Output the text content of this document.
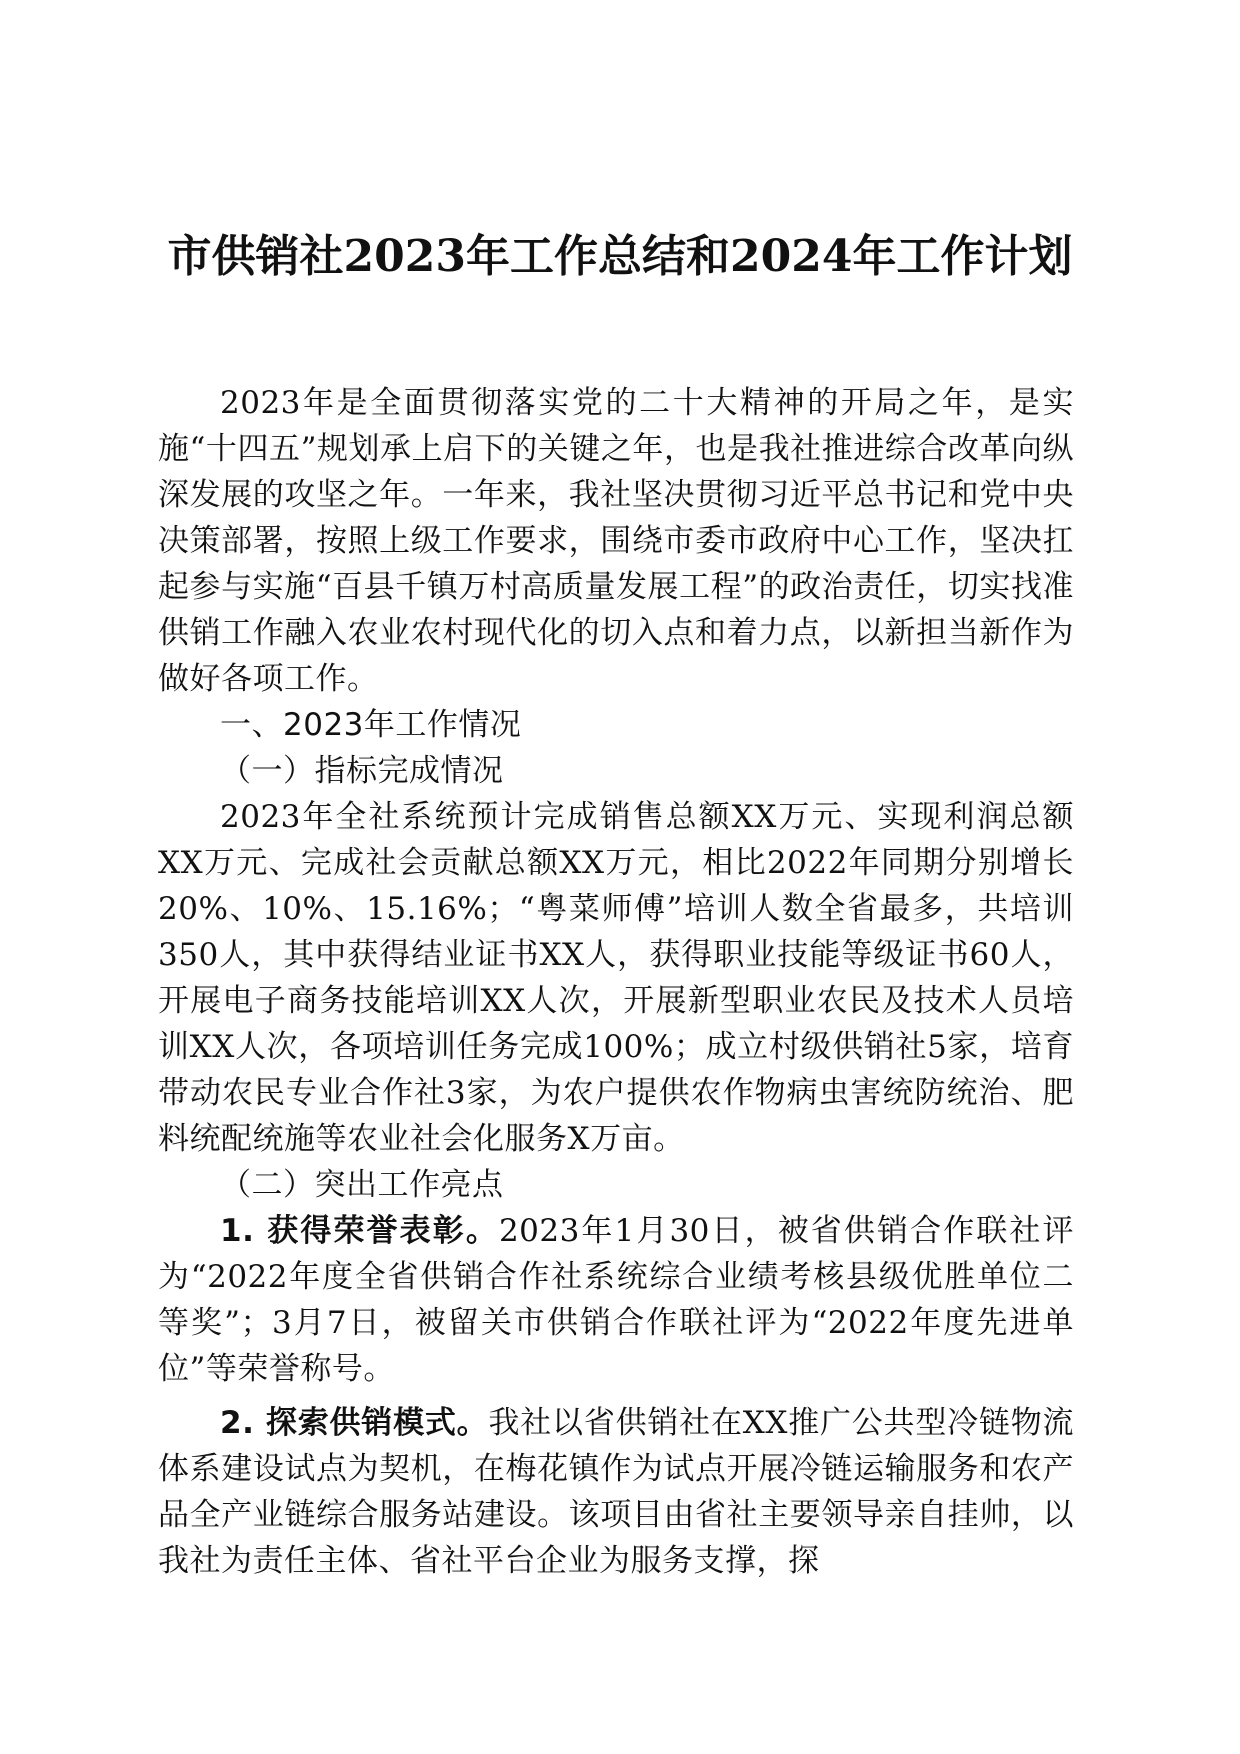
市供销社2023年工作总结和2024年工作计划

2023年是全面贯彻落实党的二十大精神的开局之年，是实施“十四五”规划承上启下的关键之年，也是我社推进综合改革向纵深发展的攻坚之年。一年来，我社坚决贯彻习近平总书记和党中央决策部署，按照上级工作要求，围绕市委市政府中心工作，坚决扛起参与实施“百县千镇万村高质量发展工程”的政治责任，切实找准供销工作融入农业农村现代化的切入点和着力点，以新担当新作为做好各项工作。

一、2023年工作情况

（一）指标完成情况

2023年全社系统预计完成销售总额XX万元、实现利润总额XX万元、完成社会贡献总额XX万元，相比2022年同期分别增长20%、10%、15.16%；“粤菜师傅”培训人数全省最多，共培训350人，其中获得结业证书XX人，获得职业技能等级证书60人，开展电子商务技能培训XX人次，开展新型职业农民及技术人员培训XX人次，各项培训任务完成100%；成立村级供销社5家，培育带动农民专业合作社3家，为农户提供农作物病虫害统防统治、肥料统配统施等农业社会化服务X万亩。

（二）突出工作亮点

1. 获得荣誉表彰。2023年1月30日，被省供销合作联社评为“2022年度全省供销合作社系统综合业绩考核县级优胜单位二等奖”；3月7日，被留关市供销合作联社评为“2022年度先进单位”等荣誉称号。

2. 探索供销模式。我社以省供销社在XX推广公共型冷链物流体系建设试点为契机，在梅花镇作为试点开展冷链运输服务和农产品全产业链综合服务站建设。该项目由省社主要领导亲自挂帅，以我社为责任主体、省社平台企业为服务支撑，探
